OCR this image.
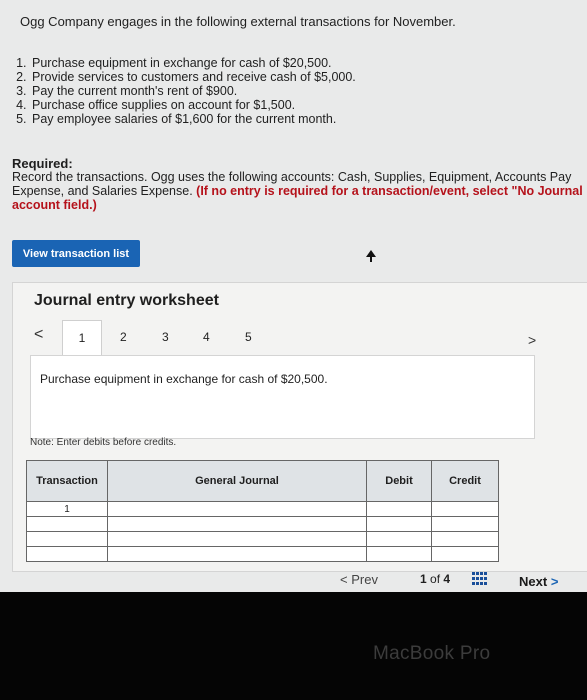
Ogg Company engages in the following external transactions for November.
1. Purchase equipment in exchange for cash of $20,500.
2. Provide services to customers and receive cash of $5,000.
3. Pay the current month's rent of $900.
4. Purchase office supplies on account for $1,500.
5. Pay employee salaries of $1,600 for the current month.
Required:
Record the transactions. Ogg uses the following accounts: Cash, Supplies, Equipment, Accounts Pay
Expense, and Salaries Expense. (If no entry is required for a transaction/event, select "No Journal
account field.)
View transaction list
Journal entry worksheet
<	1	2	3	4	5	>
Purchase equipment in exchange for cash of $20,500.
Note: Enter debits before credits.
Transaction	General Journal	Debit	Credit
1			

< Prev	1 of 4	Next >
MacBook Pro
